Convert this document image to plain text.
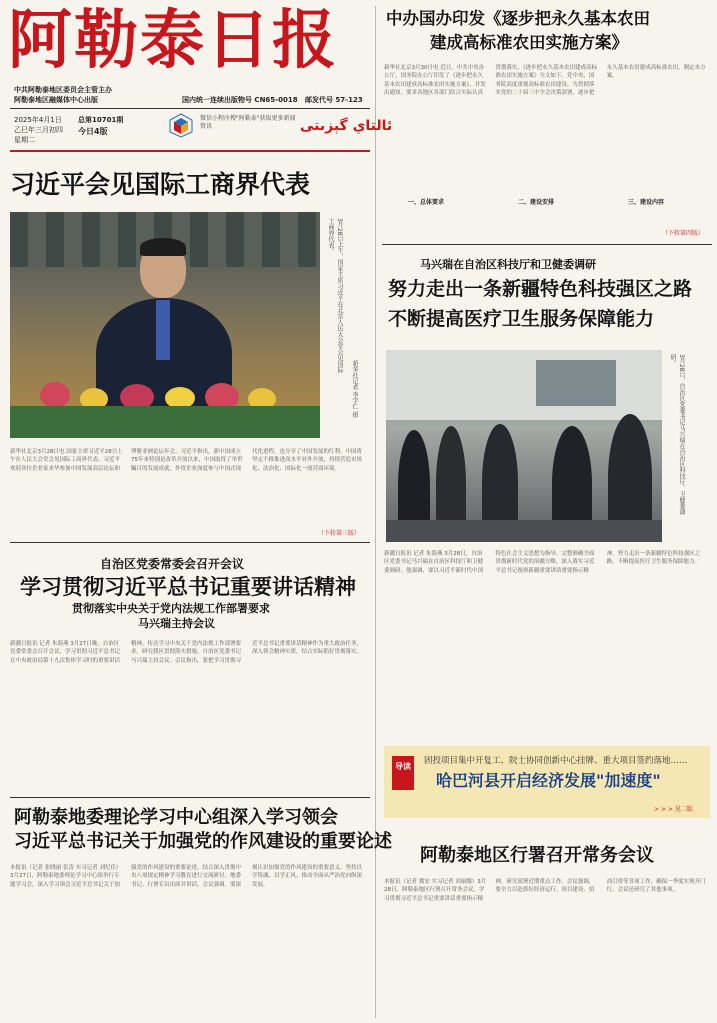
阿勒泰日报
中共阿勒泰地区委员会主管主办
阿勒泰地区融媒体中心出版
2025年4月1日
乙巳年三月初四
星期二
总第10701期
今日4版
国内统一连续出版物号 CN65-0018 邮发代号 57-123
微信小程序搜"阿勒泰"获取更多新闻资讯	ئالتاي گېزىتى
习近平会见国际工商界代表
3月28日上午，国家主席习近平在北京人民大会堂会见国际工商界代表。
新华社记者 李学仁 摄
新华社北京3月28日电 国家主席习近平28日上午在人民大会堂会见国际工商界代表。习近平欢迎各位企业家来华参加中国发展高层论坛和博鳌亚洲论坛年会。习近平指出，新中国成立75年来特别是改革开放以来，中国取得了举世瞩目的发展成就，外资企业深度参与中国式现代化进程，也分享了中国发展的红利。中国将坚定不移推进高水平对外开放，持续营造市场化、法治化、国际化一流营商环境。
（下转第三版）
自治区党委常委会召开会议
学习贯彻习近平总书记重要讲话精神
贯彻落实中央关于党内法规工作部署要求
马兴瑞主持会议
新疆日报讯 记者 朱海燕 3月27日晚，自治区党委常委会召开会议，学习贯彻习近平总书记在中央政治局第十九次集体学习时的重要讲话精神，传达学习中央关于党内法规工作部署要求，研究我区贯彻落实措施。自治区党委书记马兴瑞主持会议。会议指出，要把学习贯彻习近平总书记重要讲话精神作为重大政治任务，深入领会精神实质，结合实际抓好贯彻落实。
阿勒泰地委理论学习中心组深入学习领会
习近平总书记关于加强党的作风建设的重要论述
本报讯（记者 张晓丽 张涛 实习记者 刘纪佳）3月27日，阿勒泰地委理论学习中心组举行专题学习会，深入学习领会习近平总书记关于加强党的作风建设的重要论述，结合深入贯彻中央八项规定精神学习教育进行交流研讨。地委书记、行署专员出席并讲话。会议强调，要深刻认识加强党的作风建设的重要意义，坚持以学铸魂、以学正风，推动全面从严治党向纵深发展。
中办国办印发《逐步把永久基本农田
建成高标准农田实施方案》
新华社北京3月30日电 近日，中共中央办公厅、国务院办公厅印发了《逐步把永久基本农田建成高标准农田实施方案》，并发出通知，要求各地区各部门结合实际认真贯彻落实。《逐步把永久基本农田建成高标准农田实施方案》全文如下。党中央、国务院高度重视高标准农田建设。为贯彻落实党的二十届三中全会决策部署，逐步把永久基本农田建成高标准农田，制定本方案。
一、总体要求	二、建设安排	三、建设内容
（下转第四版）
马兴瑞在自治区科技厅和卫健委调研
努力走出一条新疆特色科技强区之路
不断提高医疗卫生服务保障能力
3月28日，自治区党委书记马兴瑞在自治区科技厅、卫健委调研。
新疆日报讯 记者 朱海燕 3月28日，自治区党委书记马兴瑞在自治区科技厅和卫健委调研。他强调，要以习近平新时代中国特色社会主义思想为指导，完整准确全面贯彻新时代党的治疆方略，深入落实习近平总书记视察新疆重要讲话重要指示精神，努力走出一条新疆特色科技强区之路，不断提高医疗卫生服务保障能力。
导读
固投项目集中开复工、院士协同创新中心挂牌、重大项目签约落地……
哈巴河县开启经济发展"加速度"
> > > 见二版
阿勒泰地区行署召开常务会议
本报讯（记者 冀安 实习记者 刘丽娜）3月28日，阿勒泰地区行署召开常务会议，学习贯彻习近平总书记重要讲话重要指示精神，研究部署近期重点工作。会议强调，要全力以赴抓好经济运行、项目建设、招商引资等各项工作，确保一季度实现开门红。会议还研究了其他事项。
